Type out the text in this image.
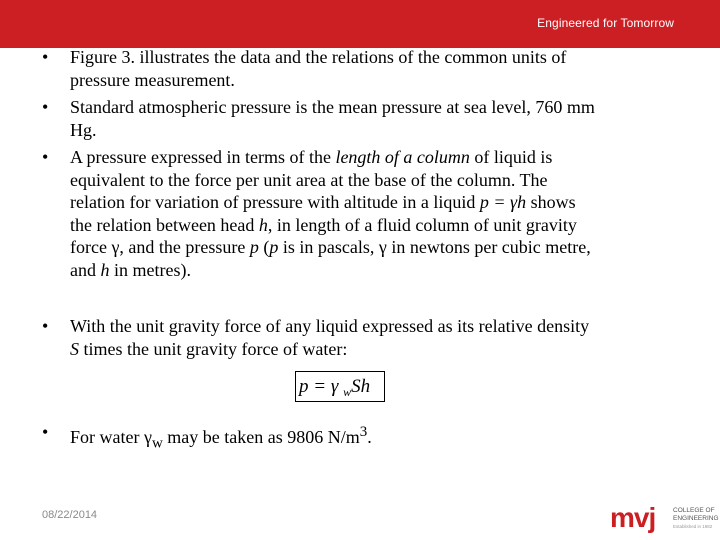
Engineered for Tomorrow
•	Figure 3. illustrates the data and the relations of the common units of
pressure measurement.
•	Standard atmospheric pressure is the mean pressure at sea level, 760 mm
Hg.
•	A pressure expressed in terms of the length of a column of liquid is
equivalent to the force per unit area at the base of the column. The
relation for variation of pressure with altitude in a liquid p = γh shows
the relation between head h, in length of a fluid column of unit gravity
force γ, and the pressure p (p is in pascals, γ in newtons per cubic metre,
and h in metres).
•	With the unit gravity force of any liquid expressed as its relative density
S times the unit gravity force of water:
p = γ $_w$Sh
•	For water $\gamma_w$ may be taken as 9806 $N/m^3$.
08/22/2014	mvj	COLLEGE OF
ENGINEERING
Established in 1982
